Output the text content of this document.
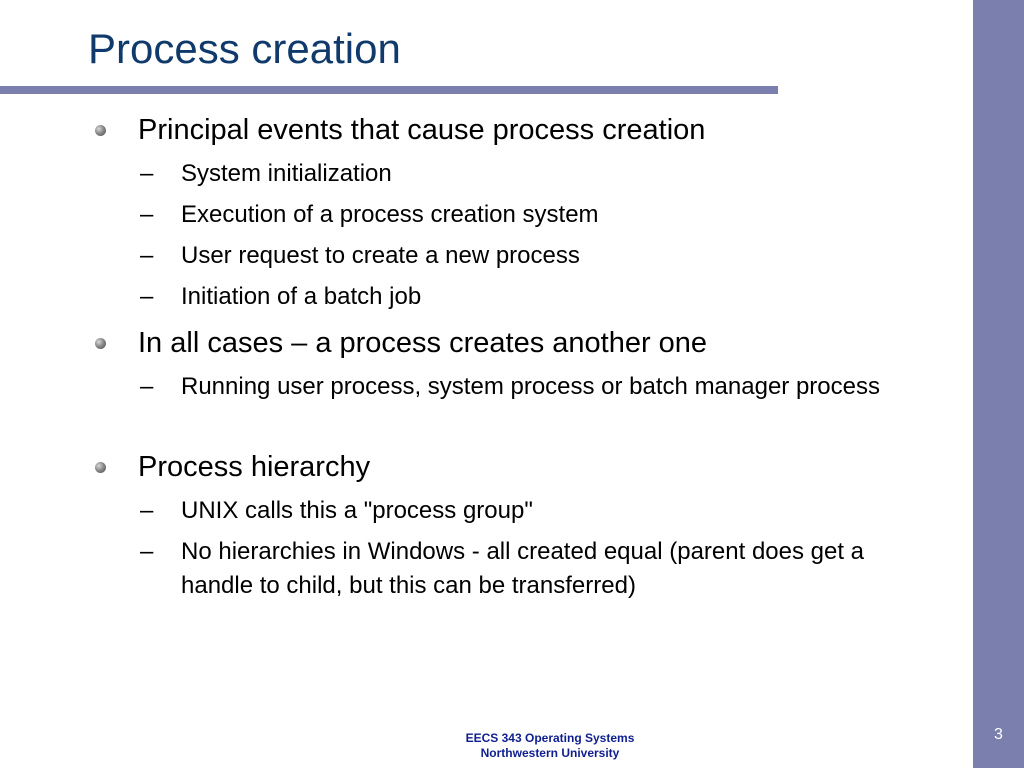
Process creation
Principal events that cause process creation
– System initialization
– Execution of a process creation system
– User request to create a new process
– Initiation of a batch job
In all cases – a process creates another one
– Running user process, system process or batch manager process
Process hierarchy
– UNIX calls this a "process group"
– No hierarchies in Windows - all created equal (parent does get a handle to child, but this can be transferred)
EECS 343 Operating Systems
Northwestern University
3
